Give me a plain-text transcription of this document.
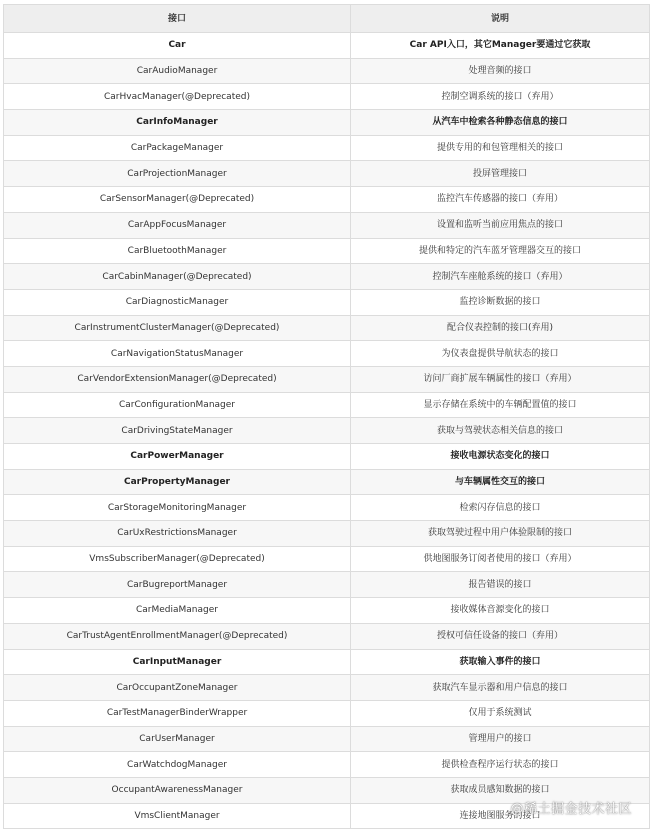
接口	说明
Car	Car API入口，其它Manager要通过它获取
CarAudioManager	处理音频的接口
CarHvacManager(@Deprecated)	控制空调系统的接口（弃用）
CarInfoManager	从汽车中检索各种静态信息的接口
CarPackageManager	提供专用的和包管理相关的接口
CarProjectionManager	投屏管理接口
CarSensorManager(@Deprecated)	监控汽车传感器的接口（弃用）
CarAppFocusManager	设置和监听当前应用焦点的接口
CarBluetoothManager	提供和特定的汽车蓝牙管理器交互的接口
CarCabinManager(@Deprecated)	控制汽车座舱系统的接口（弃用）
CarDiagnosticManager	监控诊断数据的接口
CarInstrumentClusterManager(@Deprecated)	配合仪表控制的接口(弃用)
CarNavigationStatusManager	为仪表盘提供导航状态的接口
CarVendorExtensionManager(@Deprecated)	访问厂商扩展车辆属性的接口（弃用）
CarConfigurationManager	显示存储在系统中的车辆配置值的接口
CarDrivingStateManager	获取与驾驶状态相关信息的接口
CarPowerManager	接收电源状态变化的接口
CarPropertyManager	与车辆属性交互的接口
CarStorageMonitoringManager	检索闪存信息的接口
CarUxRestrictionsManager	获取驾驶过程中用户体验限制的接口
VmsSubscriberManager(@Deprecated)	供地图服务订阅者使用的接口（弃用）
CarBugreportManager	报告错误的接口
CarMediaManager	接收媒体音源变化的接口
CarTrustAgentEnrollmentManager(@Deprecated)	授权可信任设备的接口（弃用）
CarInputManager	获取输入事件的接口
CarOccupantZoneManager	获取汽车显示器和用户信息的接口
CarTestManagerBinderWrapper	仅用于系统测试
CarUserManager	管理用户的接口
CarWatchdogManager	提供检查程序运行状态的接口
OccupantAwarenessManager	获取成员感知数据的接口
VmsClientManager	连接地图服务的接口
@稀土掘金技术社区
